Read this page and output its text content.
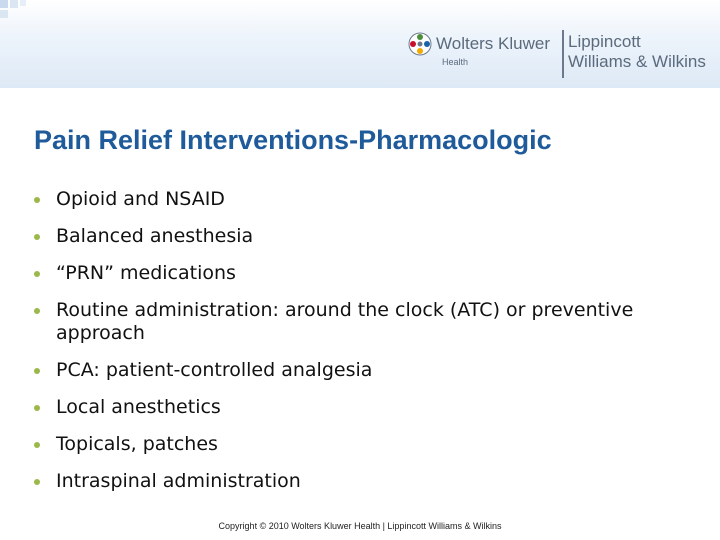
Wolters Kluwer
Health
Lippincott
Williams & Wilkins
Pain Relief Interventions-Pharmacologic
Opioid and NSAID
Balanced anesthesia
“PRN” medications
Routine administration: around the clock (ATC) or preventive approach
PCA: patient-controlled analgesia
Local anesthetics
Topicals, patches
Intraspinal administration
Copyright © 2010 Wolters Kluwer Health | Lippincott Williams & Wilkins
